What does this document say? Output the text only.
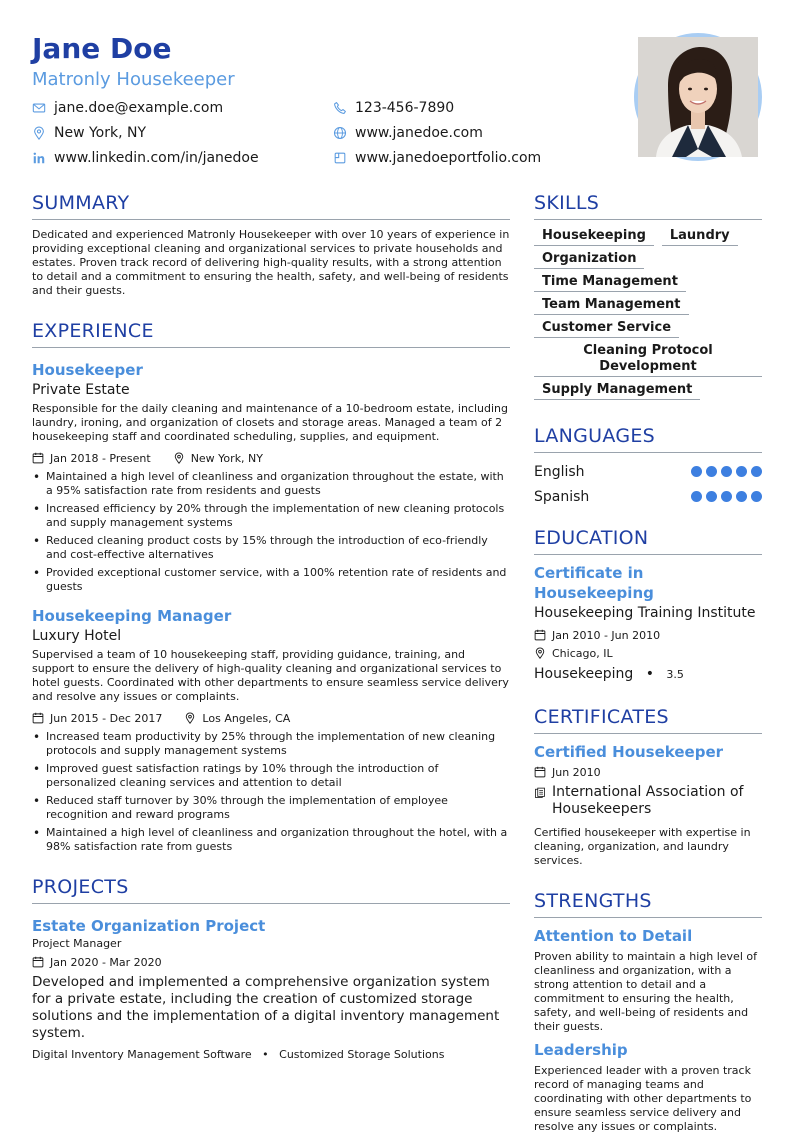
Jane Doe
Matronly Housekeeper
jane.doe@example.com	123-456-7890
New York, NY	www.janedoe.com
www.linkedin.com/in/janedoe	www.janedoeportfolio.com
SUMMARY
Dedicated and experienced Matronly Housekeeper with over 10 years of experience in providing exceptional cleaning and organizational services to private households and estates. Proven track record of delivering high-quality results, with a strong attention to detail and a commitment to ensuring the health, safety, and well-being of residents and their guests.
EXPERIENCE
Housekeeper
Private Estate
Responsible for the daily cleaning and maintenance of a 10-bedroom estate, including laundry, ironing, and organization of closets and storage areas. Managed a team of 2 housekeeping staff and coordinated scheduling, supplies, and equipment.
Jan 2018 - Present	New York, NY
• Maintained a high level of cleanliness and organization throughout the estate, with a 95% satisfaction rate from residents and guests
• Increased efficiency by 20% through the implementation of new cleaning protocols and supply management systems
• Reduced cleaning product costs by 15% through the introduction of eco-friendly and cost-effective alternatives
• Provided exceptional customer service, with a 100% retention rate of residents and guests
Housekeeping Manager
Luxury Hotel
Supervised a team of 10 housekeeping staff, providing guidance, training, and support to ensure the delivery of high-quality cleaning and organizational services to hotel guests. Coordinated with other departments to ensure seamless service delivery and resolve any issues or complaints.
Jun 2015 - Dec 2017	Los Angeles, CA
• Increased team productivity by 25% through the implementation of new cleaning protocols and supply management systems
• Improved guest satisfaction ratings by 10% through the introduction of personalized cleaning services and attention to detail
• Reduced staff turnover by 30% through the implementation of employee recognition and reward programs
• Maintained a high level of cleanliness and organization throughout the hotel, with a 98% satisfaction rate from guests
PROJECTS
Estate Organization Project
Project Manager
Jan 2020 - Mar 2020
Developed and implemented a comprehensive organization system for a private estate, including the creation of customized storage solutions and the implementation of a digital inventory management system.
Digital Inventory Management Software • Customized Storage Solutions
SKILLS
Housekeeping	Laundry
Organization
Time Management
Team Management
Customer Service
Cleaning Protocol Development
Supply Management
LANGUAGES
English
Spanish
EDUCATION
Certificate in Housekeeping
Housekeeping Training Institute
Jan 2010 - Jun 2010
Chicago, IL
Housekeeping • 3.5
CERTIFICATES
Certified Housekeeper
Jun 2010
International Association of Housekeepers
Certified housekeeper with expertise in cleaning, organization, and laundry services.
STRENGTHS
Attention to Detail
Proven ability to maintain a high level of cleanliness and organization, with a strong attention to detail and a commitment to ensuring the health, safety, and well-being of residents and their guests.
Leadership
Experienced leader with a proven track record of managing teams and coordinating with other departments to ensure seamless service delivery and resolve any issues or complaints.
